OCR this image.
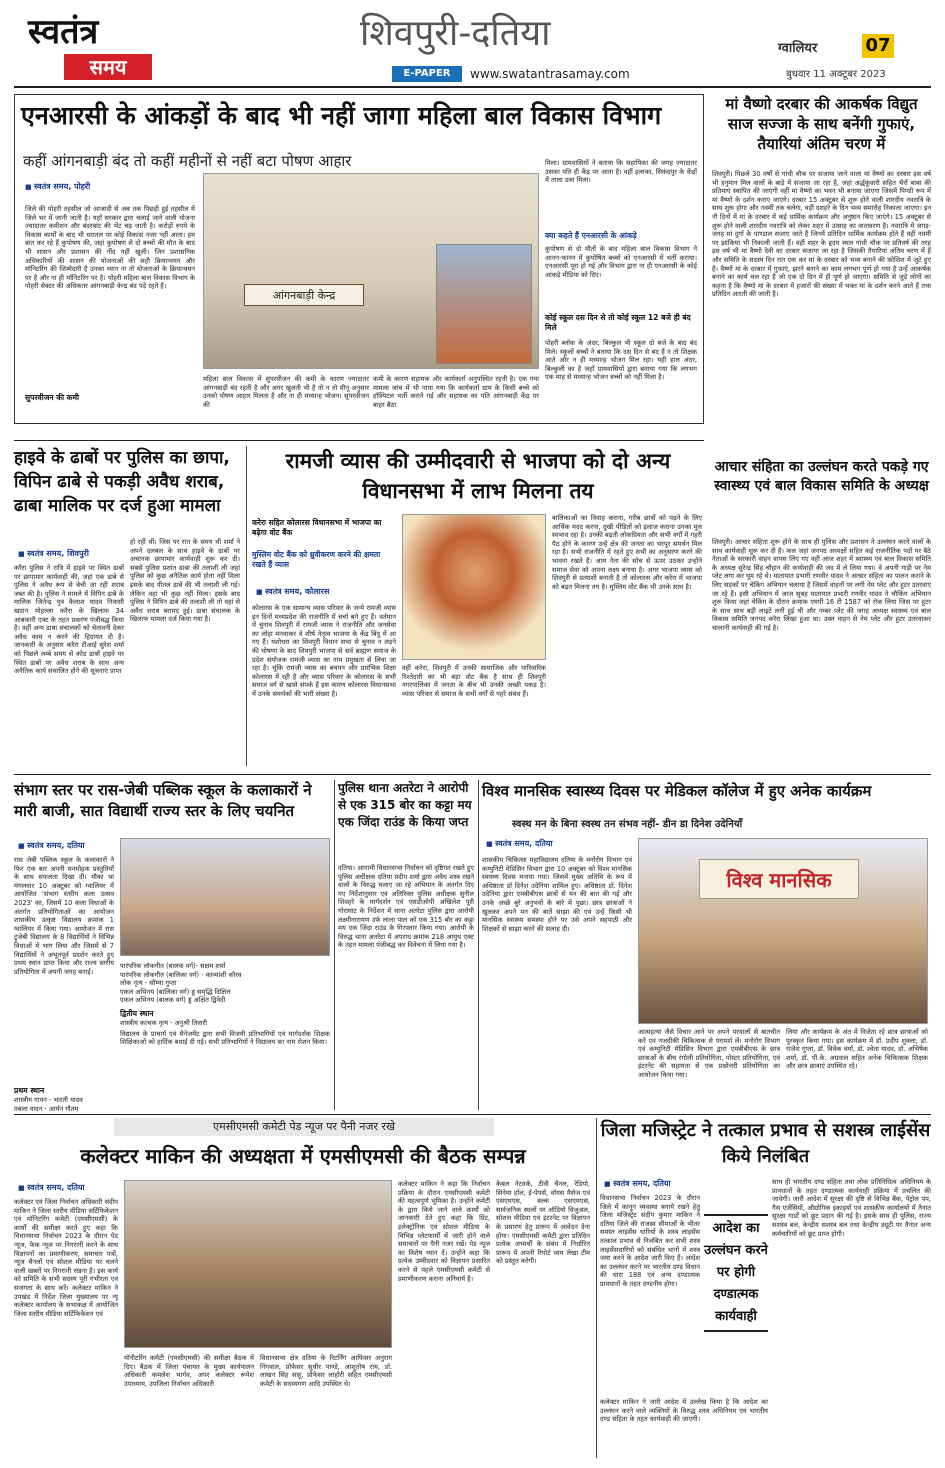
स्वतंत्र
समय
शिवपुरी-दतिया
E-PAPER	www.swatantrasamay.com
ग्वालियर	07
बुधवार 11 अक्टूबर 2023
एनआरसी के आंकड़ों के बाद भी नहीं जागा महिला बाल विकास विभाग
कहीं आंगनबाड़ी बंद तो कहीं महीनों से नहीं बटा पोषण आहार
■ स्वतंत्र समय, पोहरी
जिले की पोहरी तहसील जो आजादी से अब तक पिछड़ी हुई तहसील में जिले भर में जानी जाती है। यहाँ सरकार द्वारा चलाई जाने वाली योजना ज्यादातर कमीशन और बंदरबांट की भेंट चढ़ जाती है। करोड़ों रुपये के विकास कार्यों के बाद भी धरातल पर कोई विकास नजर नहीं आता। हम बात कर रहे हैं कुपोषण की, जहां कुपोषण से दो बच्चों की मौत के बाद भी शासन और प्रशासन की नींद नहीं खुली। जिन प्रशासनिक अधिकारियों की शासन की योजनाओं की सही क्रियान्वयन और मॉनिटरिंग की जिम्मेदारी है उनका ध्यान ना तो योजनाओं के क्रियान्वयन पर है और ना ही मॉनिटरिंग पर है। पोहरी महिला बाल विकास विभाग के पोहरी सेक्टर की अधिकतर आंगनबाड़ी केन्द्र बंद पड़े रहते हैं।
सुपरवीजन की कमी
आंगनबाड़ी केन्द्र
महिला बाल विकास में सुपरवीजन की कमी के कारण ज्यादातर आंगनबाड़ी बंद रहती है और अगर खुलती भी है तो न तो मीनू अनुसार उनको पोषण आहार मिलता है और ना ही मध्यान्ह भोजन। सुपरवीजन की
कमी के कारण सहायक और कार्यकर्ता अनुपस्थित रहती है। एक गया मामला जांच में भी पाया गया कि कार्यकर्ता ग्राम के किसी बच्चे को हॉस्पिटल भर्ती कराने गई और सहायक का पति आंगनबाड़ी केंद्र पर बाहर बैठा
मिला। ग्रामवासियों ने बताया कि सहायिका की जगह ज्यादातर उसका पति ही केंद्र पर आता है। वहीं इलाका, सिकंदपुर के केंद्रों में ताला डला मिला।
क्या कहते हैं एनआरसी के आंकड़े
कुपोषण से दो मौतों के बाद महिला बाल विकास विभाग ने आनन-फानन में कुपोषित बच्चों को एनआरसी में भर्ती कराया। एनआरसी पूरा हो गई और विभाग द्वारा ना ही एनआरसी के कोई आंकड़े मीडिया को दिए।
कोई स्कूल दस दिन से तो कोई स्कूल 12 बजे ही बंद मिले
पोहरी ब्लॉक के अंदर, बिल्कुल भी स्कूल दो बजे के बाद बंद मिले। स्कूलों बच्चों ने बताया कि दस दिन से बंद हैं न तो शिक्षक आते और न ही मध्यान्ह भोजन मिल रहा। यही हाल अंदर, बिल्कुली का है जहाँ ग्रामवासियों द्वारा बताया गया कि लगभग एक माह से मध्यान्ह भोजन बच्चों को नहीं मिला है।
मां वैष्णो दरबार की आकर्षक विद्युत साज सज्जा के साथ बनेंगी गुफाएं, तैयारियां अंतिम चरण में
शिवपुरी। पिछले 30 वर्षों से गांधी चौक पर सजाया जाने वाला मां वैष्णो का दरबार इस वर्ष भी हनुमान मिल वालों के बाड़े में सजाया जा रहा है, जहां अर्द्धकुंवारी सहित भैरों बाबा की प्रतिमाएं स्थापित की जाएंगी वहीं मां वैष्णो का भवन भी बनाया जाएगा जिसमें पिण्डी रूप में मां वैष्णो के दर्शन कराए जाएंगे। दरबार 15 अक्टूबर से शुरू होने वाली शारदीय नवरात्रि के साथ शुरू होगा और नवमीं तक चलेगा, वहीं दशहरे के दिन भव्य समारोह निकाला जाएगा। इन नौ दिनों में मां के दरबार में कई धार्मिक कार्यक्रम और अनुष्ठान किए जाएंगे। 15 अक्टूबर से शुरू होने वाली शारदीय नवरात्रि को लेकर शहर में उत्साह का वातावरण है। नवरात्रि में जगह-जगह मां दुर्गा के पाण्डाल सजाए जाते हैं जिनमें प्रतिदिन धार्मिक कार्यक्रम होते हैं वहीं नवमीं पर झांकियां भी निकाली जाती हैं। वहीं शहर के हृदय स्थल गांधी चौक पर प्रतिवर्ष की तरह इस वर्ष भी मां वैष्णो देवी का दरबार सजाया जा रहा है जिसकी तैयारियां अंतिम चरण में हैं और समिति के सदस्य दिन रात एक कर मां के दरबार को भव्य बनाने की कोशिश में जुटे हुए हैं। वैष्णों मां के दरबार में गुफाएं, झरने बनाने का काम लगभग पूर्ण हो गया है उन्हें आकर्षक बनाने का कार्य चल रहा है जो एक दो दिन में ही पूर्ण हो जाएगा। समिति से जुड़े लोगों का कहना है कि वैष्णो मां के दरबार में हजारों की संख्या में भक्त मां के दर्शन करने आते हैं तथा प्रतिदिन आरती की जाती है।
हाइवे के ढाबों पर पुलिस का छापा, विपिन ढाबे से पकड़ी अवैध शराब, ढाबा मालिक पर दर्ज हुआ मामला
■ स्वतंत्र समय, शिवपुरी
करैरा पुलिस ने रात्रि में हाइवे पर स्थित ढाबों पर छापामार कार्यवाही की, जहां एक ढाबे से पुलिस ने अवैध रूप से बेची जा रही शराब जब्त की है। पुलिस ने मामले में विपिन ढाबे के मालिक जितेन्द्र पुत्र कैलाश यादव निवासी खदान मोहल्ला करैरा के खिलाफ 34 आबकारी एक्ट के तहत प्रकरण पंजीबद्ध किया है। वहीं अन्य ढाबा संचालकों को चेतावनी देकर अवैध काम न करने की हिदायत दी है। जानकारी के अनुसार करैरा टीआई सुरेश शर्मा को पिछले लम्बे समय से कोड ढाबों हाइवे पर स्थित ढाबों पर अवैध शराब के साथ अन्य अनैतिक कार्य संचालित होने की सूचनाएं प्राप्त
हो रहीं थीं। जिस पर रात के समय थी शर्मा ने अपने दलबल के साथ हाइवे के ढाबों पर अचानक छापामार कार्यवाही शुरू कर दी। सबसे पुलिस प्रशांत ढाबा की तलाशी ली जहां पुलिस को कुछ अनैतिक कार्य होता नहीं मिला इसके बाद पीतल ढाबे की भी तलाशी ली गई। लेकिन वहां भी कुछ नहीं मिला। इसके बाद पुलिस ने विपिन ढाबे की तलाशी ली तो वहां से अवैध शराब बरामद हुई। ढाबा संचालक के खिलाफ मामला दर्ज किया गया है।
रामजी व्यास की उम्मीदवारी से भाजपा को दो अन्य विधानसभा में लाभ मिलना तय
करेरा सहित कोलारस विधानसभा में भाजपा का बढ़ेगा वोट बैंक
मुस्लिम वोट बैंक को ध्रुवीकरण करने की क्षमता रखते हैं व्यास
■ स्वतंत्र समय, कोलारस
कोलारस के एक सामान्य व्यास परिवार के जन्मे रामजी व्यास इन दिनों मध्यप्रदेश की राजनीति में चर्चा बने हुए हैं। वर्तमान में चुनाव शिवपुरी में रामजी व्यास ने राजनीति और जनसेवा का लोहा मनवाकर वे शीर्ष नेतृत्व भाजपा के केंद्र बिंदु में आ गए हैं। यशोधरा का शिवपुरी विधान सभा से चुनाव न लड़ने की घोषणा के बाद शिवपुरी भाजपा से सर्व ब्राह्मण समाज के प्रदेश संयोजक रामजी व्यास का नाम प्रमुखता से लिया जा रहा है। चूंकि रामजी व्यास का बचपन और प्रारंभिक शिक्षा कोलारस में रही है और व्यास परिवार के कोलारस के सभी समाज वर्ग से खासे संपर्क हैं इस कारण कोलारस विधानसभा में उनके समर्थकों की भारी संख्या है।
वहीं करेरा, शिवपुरी में उनकी सामाजिक और पारिवारिक रिश्तेदारी का भी बड़ा वोट बैंक है साथ ही शिवपुरी नगरपालिका में जनता के बीच भी उनकी अच्छी पकड़ है। व्यास परिवार से समाज के सभी वर्गों से गहरे संबंध हैं।
बालिकाओं का विवाह कराना, गरीब छात्रों को पढ़ने के लिए आर्थिक मदद करना, दुखी पीड़ितों को इलाज कराना उनका मूल स्वभाव रहा है। उनकी बढ़ती लोकप्रियता और सभी वर्गों में गहरी पैठ होने के कारण उन्हें क्षेत्र की जनता का भरपूर समर्थन मिल रहा है। सभी राजनीति में रहते हुए सभी का अनुसरण करने की भावना रखते हैं। आम नेता की सोच से ऊपर उठकर उन्होंने समाज सेवा को अपना लक्ष्य बनाया है। अगर भाजपा व्यास को शिवपुरी से प्रत्याशी बनाती है तो कोलारस और करेरा में भाजपा को बढ़त मिलना तय है। मुस्लिम वोट बैंक भी उनके साथ है।
आचार संहिता का उल्लंघन करते पकड़े गए स्वास्थ्य एवं बाल विकास समिति के अध्यक्ष
शिवपुरी। आचार संहिता शुरू होने के साथ ही पुलिस और प्रशासन ने उल्लंघन करने वालों के साथ कार्यवाही शुरू कर दी है। कल जहां जनपद अध्यक्षों सहित कई राजनीतिक पदों पर बैठे नेताओं के सरकारी वाहन वापस लिए गए वहीं आज शहर में स्वास्थ्य एवं बाल विकास समिति के अध्यक्ष सुरेन्द्र सिंह चौहान की कार्यवाही की जद में ले लिया गया। वे अपनी गाड़ी पर नेम प्लेट लगा कर घूम रहे थे। यातायात प्रभारी रणवीर यादव ने आचार संहिता का पालन कराने के लिए सड़कों पर चेकिंग अभियान चलाया है जिसमें वाहनों पर लगी नेम प्लेट और हूटर उतरवाए जा रहे हैं। इसी अभियान में आज सुबह यातायात प्रभारी रणवीर यादव ने चौकिंग अभियान शुरू किया जहां चेकिंग के दौरान क्रमांक एमपी 16 टी 1587 को रोक लिया जिस पर हूटर के साथ साथ बड़ी लाइटें लगी हुई थी और नम्बर प्लेट की जगह अध्यक्ष स्वास्थ्य एवं बाल विकास समिति जनपद करैरा लिखा हुआ था। उक्त वाहन से नेम प्लेट और हूटर उतरवाकर चालानी कार्यवाही की गई है।
संभाग स्तर पर रास-जेबी पब्लिक स्कूल के कलाकारों ने मारी बाजी, सात विद्यार्थी राज्य स्तर के लिए चयनित
■ स्वतंत्र समय, दतिया
रास जेबी पब्लिक स्कूल के कलाकारों ने फिर एक बार अपनी मनमोहक प्रस्तुतियों के साथ सफलता दिखा दी। मौका था मंगलवार 10 अक्टूबर को ग्वालियर में आयोजित 'संभाग स्तरीय कला उत्सव 2023' का, जिसमें 10 कला विधाओं के अंतर्गत प्रतियोगिताओं का आयोजन शासकीय उत्कृष्ट विद्यालय क्रमांक 1 ग्वालियर में किया गया। आयोजन में रास ट्रूजेबी विद्यालय के 8 विद्यार्थियों ने विभिन्न विधाओं में भाग लिया और जिसमें से 7 विद्यार्थियों ने अभूतपूर्व प्रदर्शन करते हुए प्रथम स्थान प्राप्त किया और राज्य स्तरीय प्रतियोगिता में अपनी जगह बनाई।
पारंपरिक लोकगीत (बालक वर्ग)- सक्षम शर्मा
पारंपरिक लोकगीत (बालिका वर्ग) - काव्यांशी कौरव
लोक नृत्य - सौम्या गुप्ता
एकल अभिनय (बालिका वर्ग) ड्ड समृद्धि दिक्षित्त
एकल अभिनय (बालक वर्ग) ड्ड अक्षित द्विवेदी
द्वितीय स्थान
शास्त्रीय कत्थक नृत्य - अनुश्री तिवारी
विद्यालय के प्राचार्य एवं मैनेजमेंट द्वारा सभी विजयी प्रतिभागियों एवं मार्गदर्शक शिक्षक शिक्षिकाओं को हार्दिक बधाई दी गई। सभी प्रतिभागियों ने विद्यालय का नाम रोशन किया।
प्रथम स्थान
शास्त्रीय गायन - भारती यादव
तबला वादन - आर्यन गौतम
पुलिस थाना अतरेटा ने आरोपी से एक 315 बोर का कट्टा मय एक जिंदा राउंड के किया जप्त
दतिया। आगामी विधानसभा निर्वाचन को दृष्टिगत रखते हुए पुलिस अधीक्षक दतिया प्रदीप शर्मा द्वारा अवैध शस्त्र रखने वालों के विरुद्ध चलाए जा रहे अभियान के अंतर्गत दिए गए निर्देशानुसार एवं अतिरिक्त पुलिस अधीक्षक सुनील शिवहरे के मार्गदर्शन एवं एसडीओपी अखिलेश पुरी गोराघाट के निर्देशन में थाना अतरेटा पुलिस द्वारा आरोपी लक्ष्मीनारायण उर्फ लाला पाल को एक 315 बोर का कट्टा मय एक जिंदा राउंड के गिरफ्तार किया गया। आरोपी के विरुद्ध थाना अतरेटा में अपराध क्रमांक 218 आयुध एक्ट के तहत मामला पंजीबद्ध कर विवेचना में लिया गया है।
विश्व मानसिक स्वास्थ्य दिवस पर मेडिकल कॉलेज में हुए अनेक कार्यक्रम
स्वस्थ मन के बिना स्वस्थ तन संभव नहीं- डीन डा दिनेश उदेनियाँ
■ स्वतंत्र समय, दतिया
शासकीय चिकित्सा महाविद्यालय दतिया के मनोरोग विभाग एवं कम्युनिटी मेडिसिन विभाग द्वारा 10 अक्टूबर को विश्व मानसिक स्वास्थ्य दिवस मनाया गया। जिसमें मुख्य अतिथि के रूप में अधिष्ठाता डॉ दिनेश उदेनिया शामिल हुए। अधिष्ठाता डॉ. दिनेश उदेनिया द्वारा एमबीबीएस छात्रों से मन की बात की गई और उनके अच्छे बुरे अनुभवों के बारे में पूछा। छात्र छात्राओं ने खुलकर अपने मन की बातें साझा की एवं उन्हें किसी भी मानसिक स्वास्थ्य समस्या होने पर उसे अपने सहपाठी और शिक्षकों से साझा करने की सलाह दी।
विश्व मानसिक
आत्महत्या जैसे विचार आने पर अपने परवालों से बातचीत करें एवं नजदीकी चिकित्सक से परामर्श लें। मनोरोग विभाग एवं कम्युनिटी मेडिसिन विभाग द्वारा एमबीबीएस के छात्र छात्राओं के बीच रंगोली प्रतियोगिता, पोस्टर प्रतियोगिता, एवं इंटरनेट की सहायता से एक प्रश्नोत्तरी प्रतियोगिता का आयोजन किया गया।
लिया और कार्यक्रम के अंत में विजेता रहे छात्र छात्राओं को पुरस्कृत किया गया। इस कार्यक्रम में डॉ. प्रदीप शुक्ला, डॉ. राजेश गुप्ता, डॉ. विवेक वर्मा, डॉ. श्वेता यादव, डॉ. अभिषेक शर्मा, डॉ. पी.के. अग्रवाल सहित अनेक चिकित्सक शिक्षक और छात्र छात्राएं उपस्थित रहे।
एमसीएमसी कमेटी पेड न्यूज पर पैनी नजर रखे
कलेक्टर माकिन की अध्यक्षता में एमसीएमसी की बैठक सम्पन्न
■ स्वतंत्र समय, दतिया
कलेक्टर एवं जिला निर्वाचन अधिकारी संदीप माकिन ने जिला स्तरीय मीडिया सर्टिफिकेशन एवं मॉनिटरिंग कमेटी (एमसीएमसी) के कार्यों की समीक्षा करते हुए कहा कि विधानसभा निर्वाचन 2023 के दौरान पेड न्यूज, फेक न्यूज पर निगरानी करने के साथ विज्ञापनों का प्रमाणीकरण, समाचार पत्रों, न्यूज चैनलों एवं सोशल मीडिया पर चलने वाली खबरों पर निगरानी रखना है। इस कार्य को समिति के सभी सदस्य पूरी गंभीरता एवं सजगता के साथ करें। कलेक्टर माकिन ने उपखंड में निर्देश जिला मुख्यालय पर न्यू कलेक्टर कार्यालय के सभाकक्ष में आयोजित जिला स्तरीय मीडिया सर्टिफिकेशन एवं
मॉनीटरिंग कमेटी (एमसीएमसी) की समीक्षा बैठक में दिए। बैठक में जिला पंचायत के मुख्य कार्यपालन अधिकारी कमलेश भार्गव, अपर कलेक्टर रूपेश उपाध्याय, उपजिला निर्वाचन अधिकारी
विधानसभा क्षेत्र दतिया के रिटर्निंग आफिसर अनुराग निंगवाल, प्रोफेसर सुधीर पाण्डे, आशुतोष राय, डॉ. लाखन सिंह साहू, प्रोफेसर लाहोरी सहित एमसीएमसी कमेटी के सदस्यगण आदि उपस्थित थे।
कलेक्टर माकिन ने कहा कि निर्वाचन प्रक्रिया के दौरान एमसीएमसी कमेटी की महत्वपूर्ण भूमिका है। उन्होंने कमेटी के द्वारा किये जाने वाले कार्यों को जानकारी देते हुए कहा कि प्रिंट, इलेक्ट्रॉनिक एवं सोशल मीडिया के विभिन्न प्लेटफार्मों में जारी होने वाले समाचारों पर पैनी नजर रखें। पेड न्यूज का विशेष ध्यान दें। उन्होंने कहा कि प्रत्येक उम्मीदवार को विज्ञापन प्रसारित करने से पहले एमसीएमसी कमेटी से प्रमाणीकरण कराना अनिवार्य है।
केबल नेटवर्क, टीवी चैनल, रेडियो, सिनेमा हॉल, ई-पेपर्स, वॉयस मैसेज एवं एसएमएस, बल्क एसएमएस, सार्वजनिक स्थलों पर ऑडियो विजुअल, सोशल मीडिया एवं इंटरनेट पर विज्ञापन के प्रसारण हेतु प्रारूप में आवेदन देना होगा। एमसीएमसी कमेटी द्वारा प्रतिदिन प्रत्येक अभ्यर्थी के संबंध में निर्धारित प्रारूप में अपनी रिपोर्ट व्यय लेखा टीम को प्रस्तुत करेगी।
जिला मजिस्ट्रेट ने तत्काल प्रभाव से सशस्त्र लाईसेंस किये निलंबित
■ स्वतंत्र समय, दतिया
विधानसभा निर्वाचन 2023 के दौरान जिले में कानून व्यवस्था बनाये रखने हेतु जिला मजिस्ट्रेट संदीप कुमार माकिन ने दतिया जिले की राजस्व सीमाओं के भीतर समस्त लाइसेंस धारियों के शस्त्र लाइसेंस तत्काल प्रभाव से निलंबित कर सभी शस्त्र लाइसेंसधारियों को संबंधित थानों में शस्त्र जमा करने के आदेश जारी किए हैं। आदेश का उल्लंघन करने पर भारतीय दण्ड विधान की धारा 188 एवं अन्य दण्डात्मक प्रावधानों के तहत दण्डनीय होगा।
आदेश का उल्लंघन करने पर होगी दण्डात्मक कार्यवाही
साथ ही भारतीय दण्ड संहिता तथा लोक प्रतिनिधित्व अधिनियम के प्रावधानों के तहत दण्डात्मक कार्यवाही प्रक्रिया में प्रचलित की जावेगी। जारी आदेश में सुरक्षा की दृष्टि से विभिन्न बैंक, पेट्रोल पंप, गैस एजेंसियों, औद्योगिक इकाइयों एवं शासकीय कार्यालयों में तैनात सुरक्षा गार्डों को छूट प्रदान की गई है। इसके साथ ही पुलिस, राज्य सशस्त्र बल, केन्द्रीय सशस्त्र बल तथा केन्द्रीय ड्यूटी पर तैनात अन्य कर्मचारियों को छूट प्राप्त होगी।
कलेक्टर माकिन ने जारी आदेश में उल्लेख किया है कि आदेश का उल्लंघन करने वाले व्यक्तियों के विरुद्ध शस्त्र अधिनियम एवं भारतीय दण्ड संहिता के तहत कार्यवाही की जाएगी।
